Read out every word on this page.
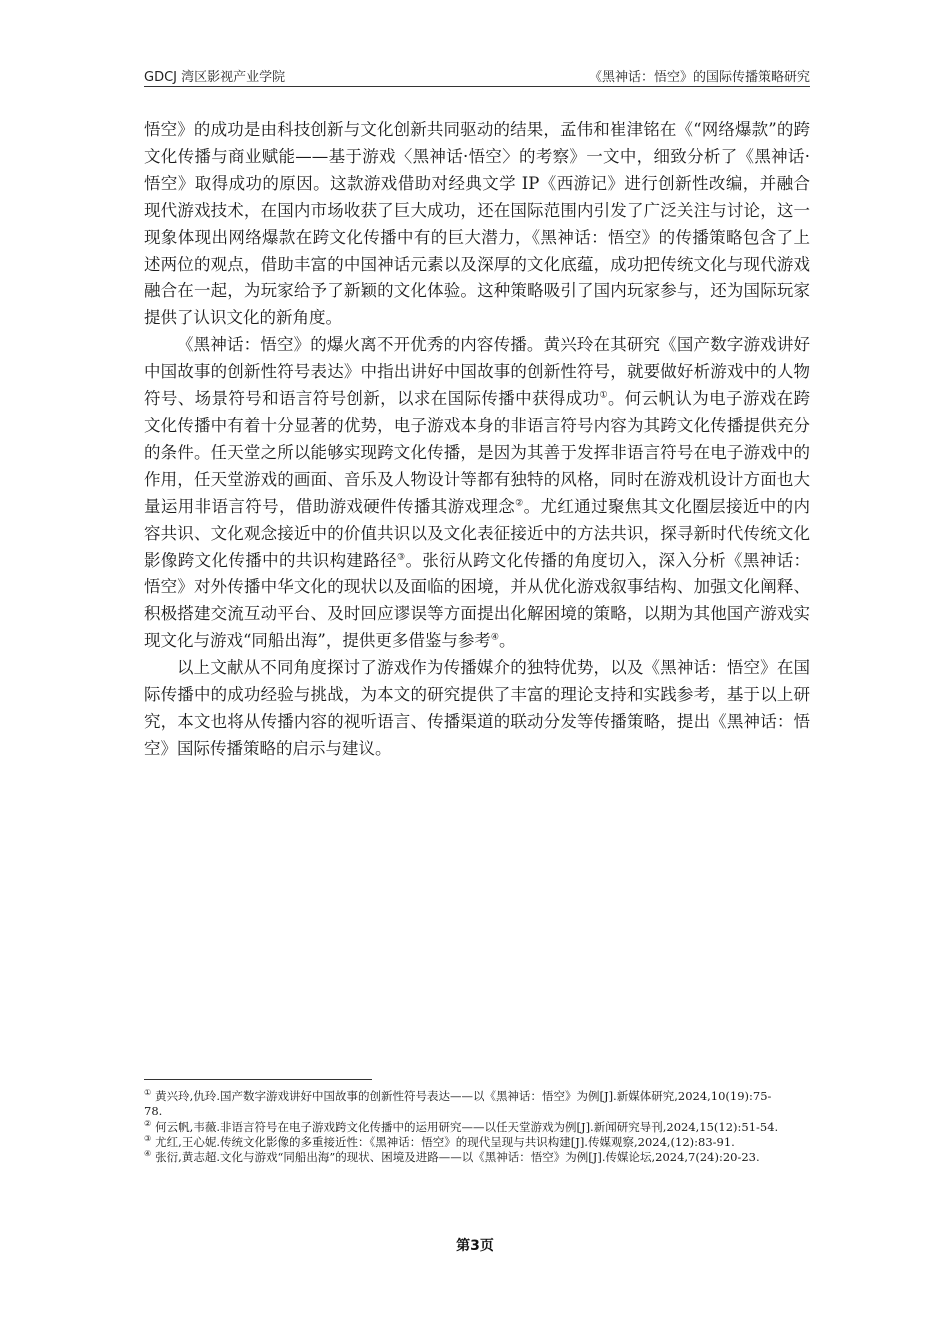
GDCJ 湾区影视产业学院	《黑神话：悟空》的国际传播策略研究

悟空》的成功是由科技创新与文化创新共同驱动的结果，孟伟和崔津铭在《“网络爆款”的跨文化传播与商业赋能——基于游戏〈黑神话·悟空〉的考察》一文中，细致分析了《黑神话·悟空》取得成功的原因。这款游戏借助对经典文学 IP《西游记》进行创新性改编，并融合现代游戏技术，在国内市场收获了巨大成功，还在国际范围内引发了广泛关注与讨论，这一现象体现出网络爆款在跨文化传播中有的巨大潜力，《黑神话：悟空》的传播策略包含了上述两位的观点，借助丰富的中国神话元素以及深厚的文化底蕴，成功把传统文化与现代游戏融合在一起，为玩家给予了新颖的文化体验。这种策略吸引了国内玩家参与，还为国际玩家提供了认识文化的新角度。

《黑神话：悟空》的爆火离不开优秀的内容传播。黄兴玲在其研究《国产数字游戏讲好中国故事的创新性符号表达》中指出讲好中国故事的创新性符号，就要做好析游戏中的人物符号、场景符号和语言符号创新，以求在国际传播中获得成功①。何云帆认为电子游戏在跨文化传播中有着十分显著的优势，电子游戏本身的非语言符号内容为其跨文化传播提供充分的条件。任天堂之所以能够实现跨文化传播，是因为其善于发挥非语言符号在电子游戏中的作用，任天堂游戏的画面、音乐及人物设计等都有独特的风格，同时在游戏机设计方面也大量运用非语言符号，借助游戏硬件传播其游戏理念②。尤红通过聚焦其文化圈层接近中的内容共识、文化观念接近中的价值共识以及文化表征接近中的方法共识，探寻新时代传统文化影像跨文化传播中的共识构建路径③。张衍从跨文化传播的角度切入，深入分析《黑神话：悟空》对外传播中华文化的现状以及面临的困境，并从优化游戏叙事结构、加强文化阐释、积极搭建交流互动平台、及时回应谬误等方面提出化解困境的策略，以期为其他国产游戏实现文化与游戏“同船出海”，提供更多借鉴与参考④。

以上文献从不同角度探讨了游戏作为传播媒介的独特优势，以及《黑神话：悟空》在国际传播中的成功经验与挑战，为本文的研究提供了丰富的理论支持和实践参考，基于以上研究，本文也将从传播内容的视听语言、传播渠道的联动分发等传播策略，提出《黑神话：悟空》国际传播策略的启示与建议。

① 黄兴玲,仇玲.国产数字游戏讲好中国故事的创新性符号表达——以《黑神话：悟空》为例[J].新媒体研究,2024,10(19):75-78.

② 何云帆,韦薇.非语言符号在电子游戏跨文化传播中的运用研究——以任天堂游戏为例[J].新闻研究导刊,2024,15(12):51-54.

③ 尤红,王心妮.传统文化影像的多重接近性：《黑神话：悟空》的现代呈现与共识构建[J].传媒观察,2024,(12):83-91.

④ 张衍,黄志超.文化与游戏“同船出海”的现状、困境及进路——以《黑神话：悟空》为例[J].传媒论坛,2024,7(24):20-23.

第3页
